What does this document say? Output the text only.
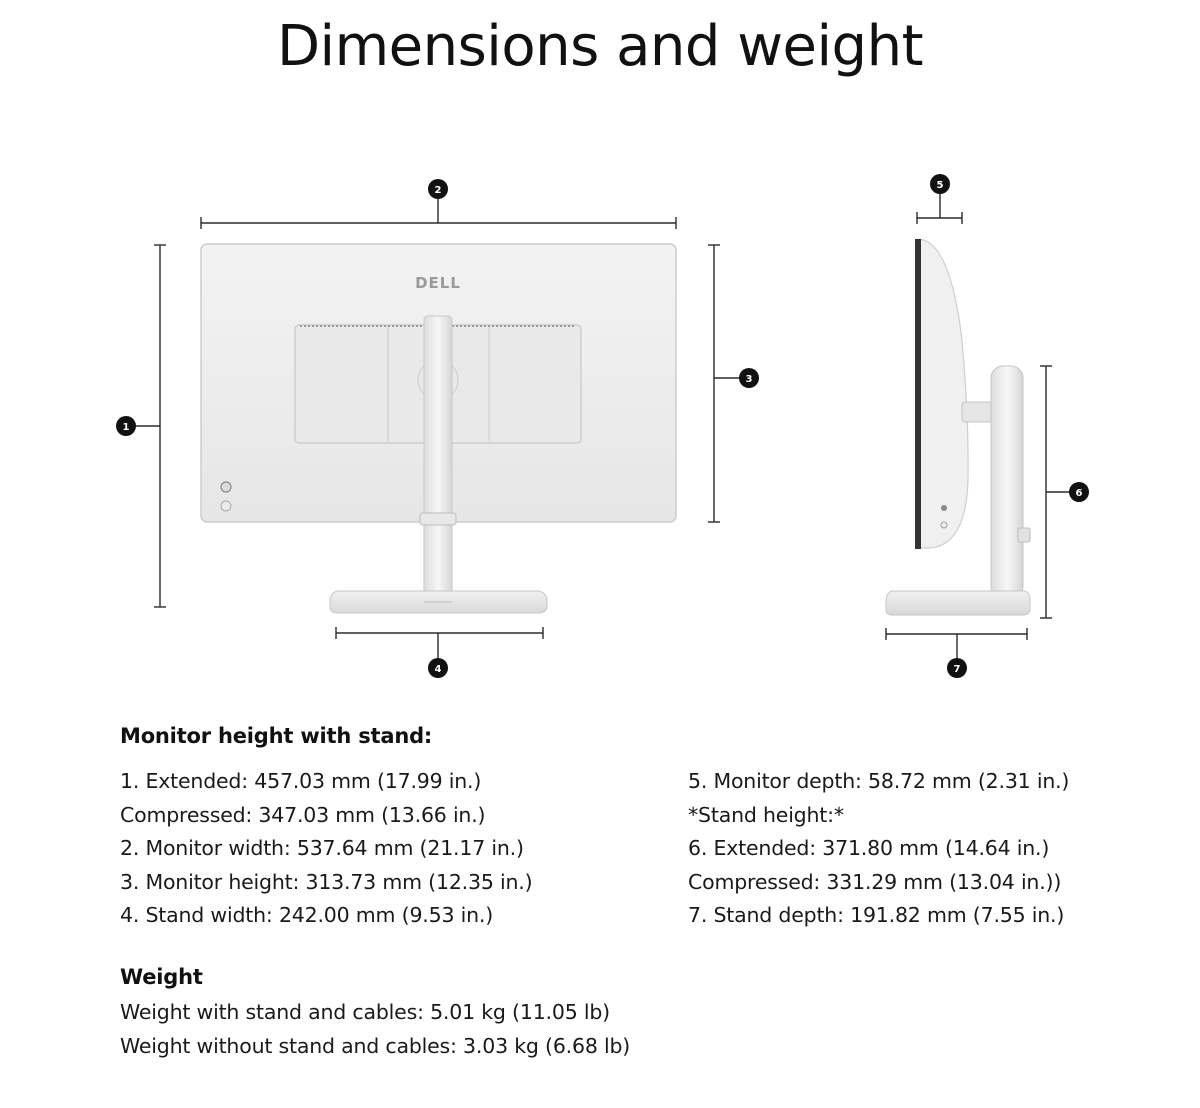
Dimensions and weight
DELL
1
2
3
4
5
6
7
Monitor height with stand:
1. Extended: 457.03 mm (17.99 in.)
Compressed: 347.03 mm (13.66 in.)
2. Monitor width: 537.64 mm (21.17 in.)
3. Monitor height: 313.73 mm (12.35 in.)
4. Stand width: 242.00 mm (9.53 in.)
5. Monitor depth: 58.72 mm (2.31 in.)
*Stand height:*
6. Extended: 371.80 mm (14.64 in.)
Compressed: 331.29 mm (13.04 in.))
7. Stand depth: 191.82 mm (7.55 in.)
Weight
Weight with stand and cables: 5.01 kg (11.05 lb)
Weight without stand and cables: 3.03 kg (6.68 lb)
